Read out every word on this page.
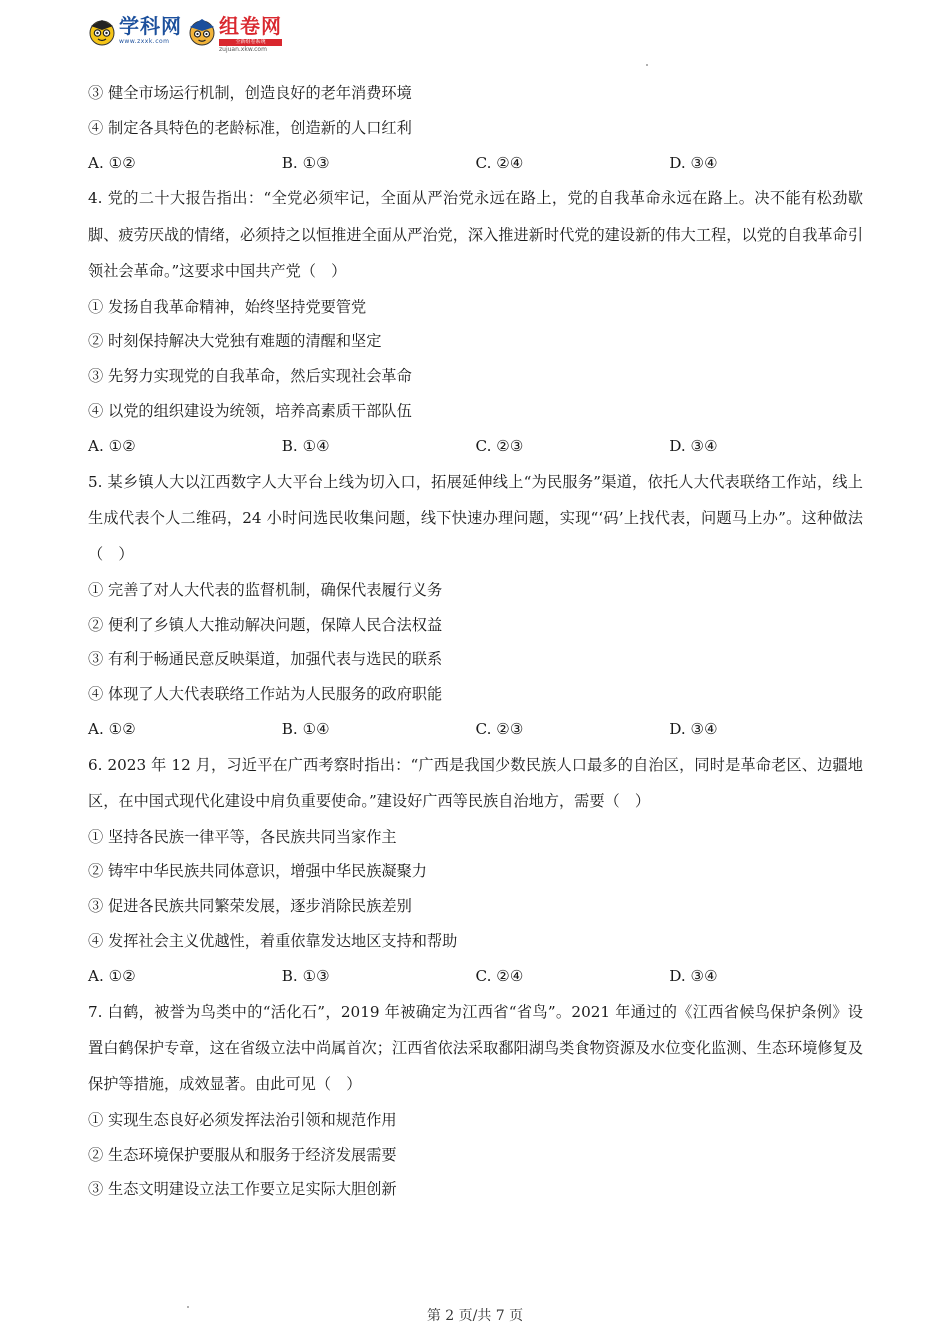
学科网
www.zxxk.com
组卷网
全新组卷系统
zujuan.xkw.com
③ 健全市场运行机制，创造良好的老年消费环境
④ 制定各具特色的老龄标准，创造新的人口红利
A. ①②	B. ①③	C. ②④	D. ③④
4. 党的二十大报告指出：“全党必须牢记，全面从严治党永远在路上，党的自我革命永远在路上。决不能有松劲歇脚、疲劳厌战的情绪，必须持之以恒推进全面从严治党，深入推进新时代党的建设新的伟大工程，以党的自我革命引领社会革命。”这要求中国共产党（　）
① 发扬自我革命精神，始终坚持党要管党
② 时刻保持解决大党独有难题的清醒和坚定
③ 先努力实现党的自我革命，然后实现社会革命
④ 以党的组织建设为统领，培养高素质干部队伍
A. ①②	B. ①④	C. ②③	D. ③④
5. 某乡镇人大以江西数字人大平台上线为切入口，拓展延伸线上“为民服务”渠道，依托人大代表联络工作站，线上生成代表个人二维码，24 小时问选民收集问题，线下快速办理问题，实现“‘码’上找代表，问题马上办”。这种做法（　）
① 完善了对人大代表的监督机制，确保代表履行义务
② 便利了乡镇人大推动解决问题，保障人民合法权益
③ 有利于畅通民意反映渠道，加强代表与选民的联系
④ 体现了人大代表联络工作站为人民服务的政府职能
A. ①②	B. ①④	C. ②③	D. ③④
6. 2023 年 12 月，习近平在广西考察时指出：“广西是我国少数民族人口最多的自治区，同时是革命老区、边疆地区，在中国式现代化建设中肩负重要使命。”建设好广西等民族自治地方，需要（　）
① 坚持各民族一律平等，各民族共同当家作主
② 铸牢中华民族共同体意识，增强中华民族凝聚力
③ 促进各民族共同繁荣发展，逐步消除民族差别
④ 发挥社会主义优越性，着重依靠发达地区支持和帮助
A. ①②	B. ①③	C. ②④	D. ③④
7. 白鹤，被誉为鸟类中的“活化石”，2019 年被确定为江西省“省鸟”。2021 年通过的《江西省候鸟保护条例》设置白鹤保护专章，这在省级立法中尚属首次；江西省依法采取鄱阳湖鸟类食物资源及水位变化监测、生态环境修复及保护等措施，成效显著。由此可见（　）
① 实现生态良好必须发挥法治引领和规范作用
② 生态环境保护要服从和服务于经济发展需要
③ 生态文明建设立法工作要立足实际大胆创新
第 2 页/共 7 页
